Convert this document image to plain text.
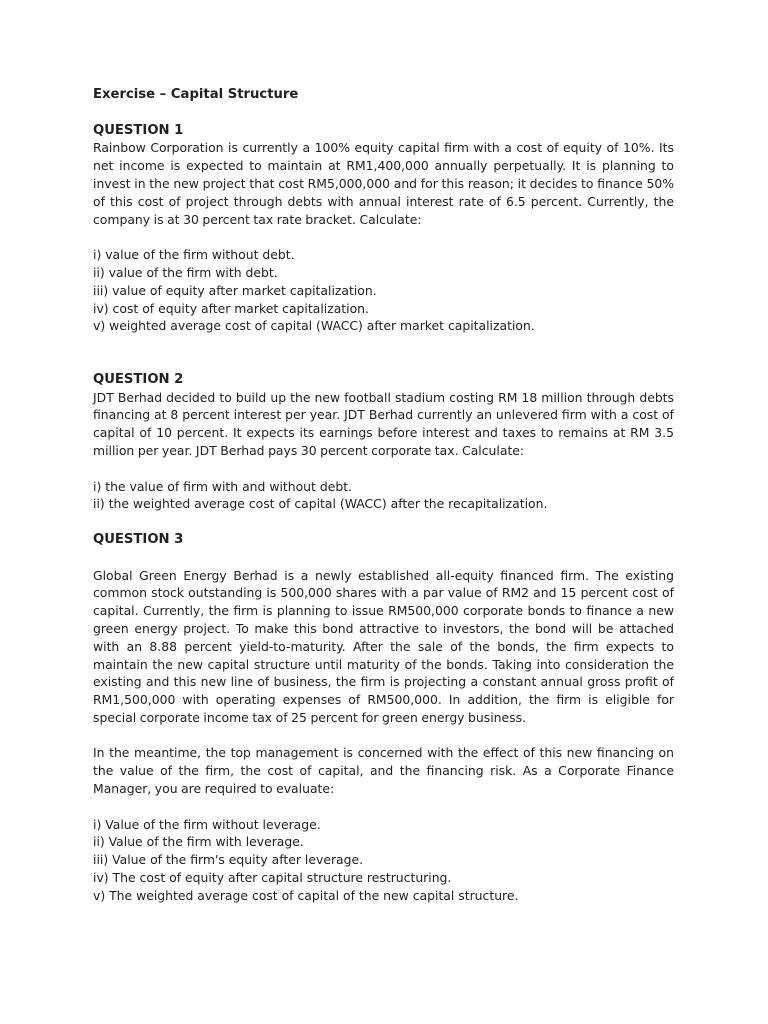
Exercise – Capital Structure
QUESTION 1

Rainbow Corporation is currently a 100% equity capital firm with a cost of equity of 10%. Its net income is expected to maintain at RM1,400,000 annually perpetually. It is planning to invest in the new project that cost RM5,000,000 and for this reason; it decides to finance 50% of this cost of project through debts with annual interest rate of 6.5 percent. Currently, the company is at 30 percent tax rate bracket. Calculate:

i) value of the firm without debt.
ii) value of the firm with debt.
iii) value of equity after market capitalization.
iv) cost of equity after market capitalization.
v) weighted average cost of capital (WACC) after market capitalization.
QUESTION 2

JDT Berhad decided to build up the new football stadium costing RM 18 million through debts financing at 8 percent interest per year. JDT Berhad currently an unlevered firm with a cost of capital of 10 percent. It expects its earnings before interest and taxes to remains at RM 3.5 million per year. JDT Berhad pays 30 percent corporate tax. Calculate:

i) the value of firm with and without debt.
ii) the weighted average cost of capital (WACC) after the recapitalization.
QUESTION 3

Global Green Energy Berhad is a newly established all-equity financed firm. The existing common stock outstanding is 500,000 shares with a par value of RM2 and 15 percent cost of capital. Currently, the firm is planning to issue RM500,000 corporate bonds to finance a new green energy project. To make this bond attractive to investors, the bond will be attached with an 8.88 percent yield-to-maturity. After the sale of the bonds, the firm expects to maintain the new capital structure until maturity of the bonds. Taking into consideration the existing and this new line of business, the firm is projecting a constant annual gross profit of RM1,500,000 with operating expenses of RM500,000. In addition, the firm is eligible for special corporate income tax of 25 percent for green energy business.

In the meantime, the top management is concerned with the effect of this new financing on the value of the firm, the cost of capital, and the financing risk. As a Corporate Finance Manager, you are required to evaluate:

i) Value of the firm without leverage.
ii) Value of the firm with leverage.
iii) Value of the firm's equity after leverage.
iv) The cost of equity after capital structure restructuring.
v) The weighted average cost of capital of the new capital structure.
